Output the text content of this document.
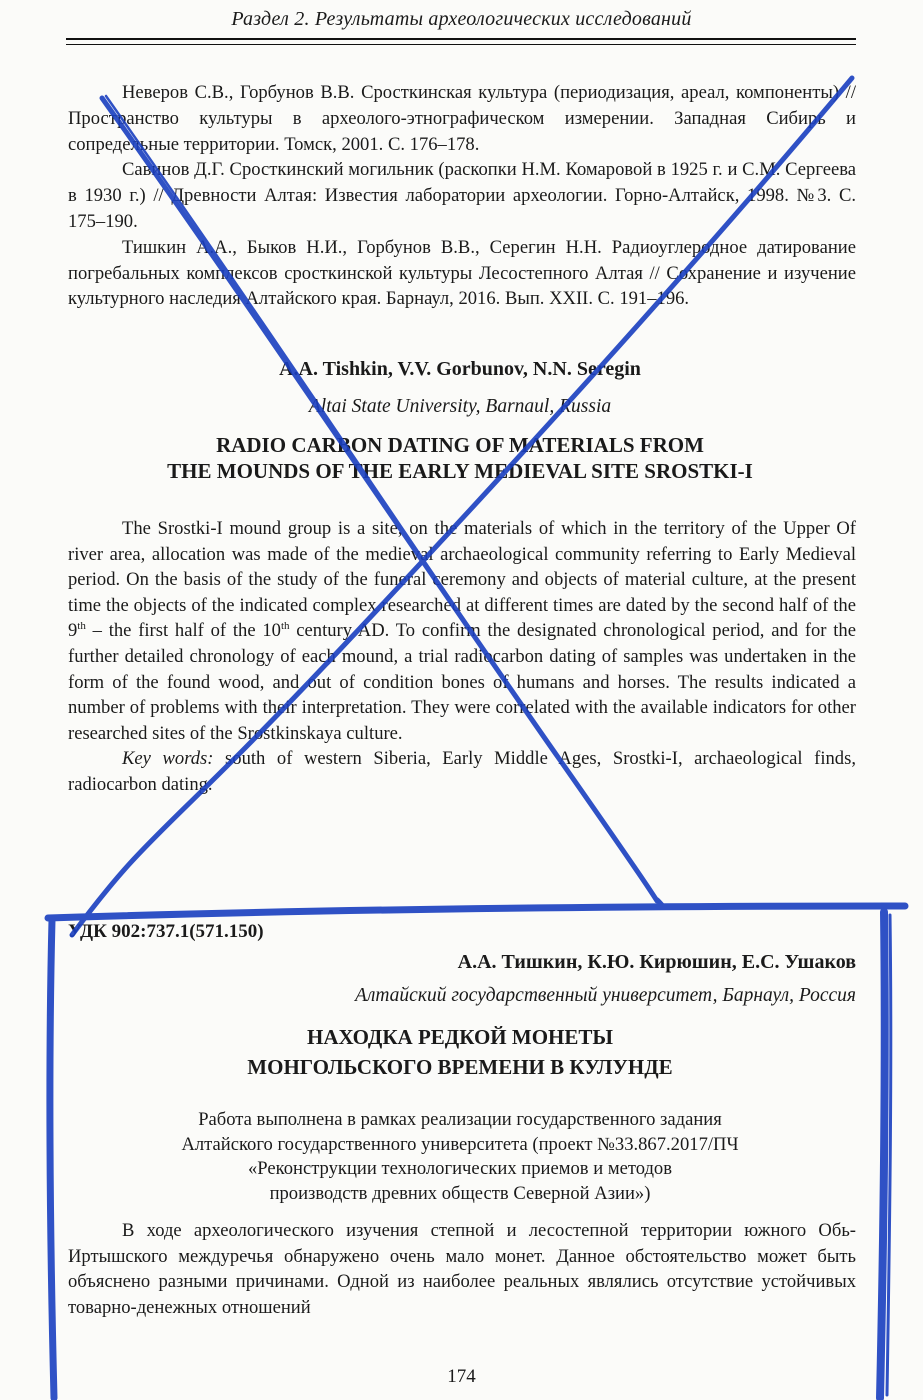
Раздел 2. Результаты археологических исследований

Неверов С.В., Горбунов В.В. Сросткинская культура (периодизация, ареал, компоненты) // Пространство культуры в археолого-этнографическом измерении. Западная Сибирь и сопредельные территории. Томск, 2001. С. 176–178.

Савинов Д.Г. Сросткинский могильник (раскопки Н.М. Комаровой в 1925 г. и С.М. Сергеева в 1930 г.) // Древности Алтая: Известия лаборатории археологии. Горно-Алтайск, 1998. №3. С. 175–190.

Тишкин А.А., Быков Н.И., Горбунов В.В., Серегин Н.Н. Радиоуглеродное датирование погребальных комплексов сросткинской культуры Лесостепного Алтая // Сохранение и изучение культурного наследия Алтайского края. Барнаул, 2016. Вып. XXII. С. 191–196.

A.A. Tishkin, V.V. Gorbunov, N.N. Seregin
Altai State University, Barnaul, Russia
RADIO CARBON DATING OF MATERIALS FROM
THE MOUNDS OF THE EARLY MEDIEVAL SITE SROSTKI-I

The Srostki-I mound group is a site, on the materials of which in the territory of the Upper Of river area, allocation was made of the medieval archaeological community referring to Early Medieval period. On the basis of the study of the funeral ceremony and objects of material culture, at the present time the objects of the indicated complex researched at different times are dated by the second half of the 9th – the first half of the 10th century AD. To confirm the designated chronological period, and for the further detailed chronology of each mound, a trial radiocarbon dating of samples was undertaken in the form of the found wood, and out of condition bones of humans and horses. The results indicated a number of problems with their interpretation. They were correlated with the available indicators for other researched sites of the Srostkinskaya culture.

Key words: south of western Siberia, Early Middle Ages, Srostki-I, archaeological finds, radiocarbon dating.

УДК 902:737.1(571.150)
А.А. Тишкин, К.Ю. Кирюшин, Е.С. Ушаков
Алтайский государственный университет, Барнаул, Россия
НАХОДКА РЕДКОЙ МОНЕТЫ
МОНГОЛЬСКОГО ВРЕМЕНИ В КУЛУНДЕ
Работа выполнена в рамках реализации государственного задания
Алтайского государственного университета (проект №33.867.2017/ПЧ
«Реконструкции технологических приемов и методов
производств древних обществ Северной Азии»)

В ходе археологического изучения степной и лесостепной территории южного Обь-Иртышского междуречья обнаружено очень мало монет. Данное обстоятельство может быть объяснено разными причинами. Одной из наиболее реальных являлись отсутствие устойчивых товарно-денежных отношений

174
